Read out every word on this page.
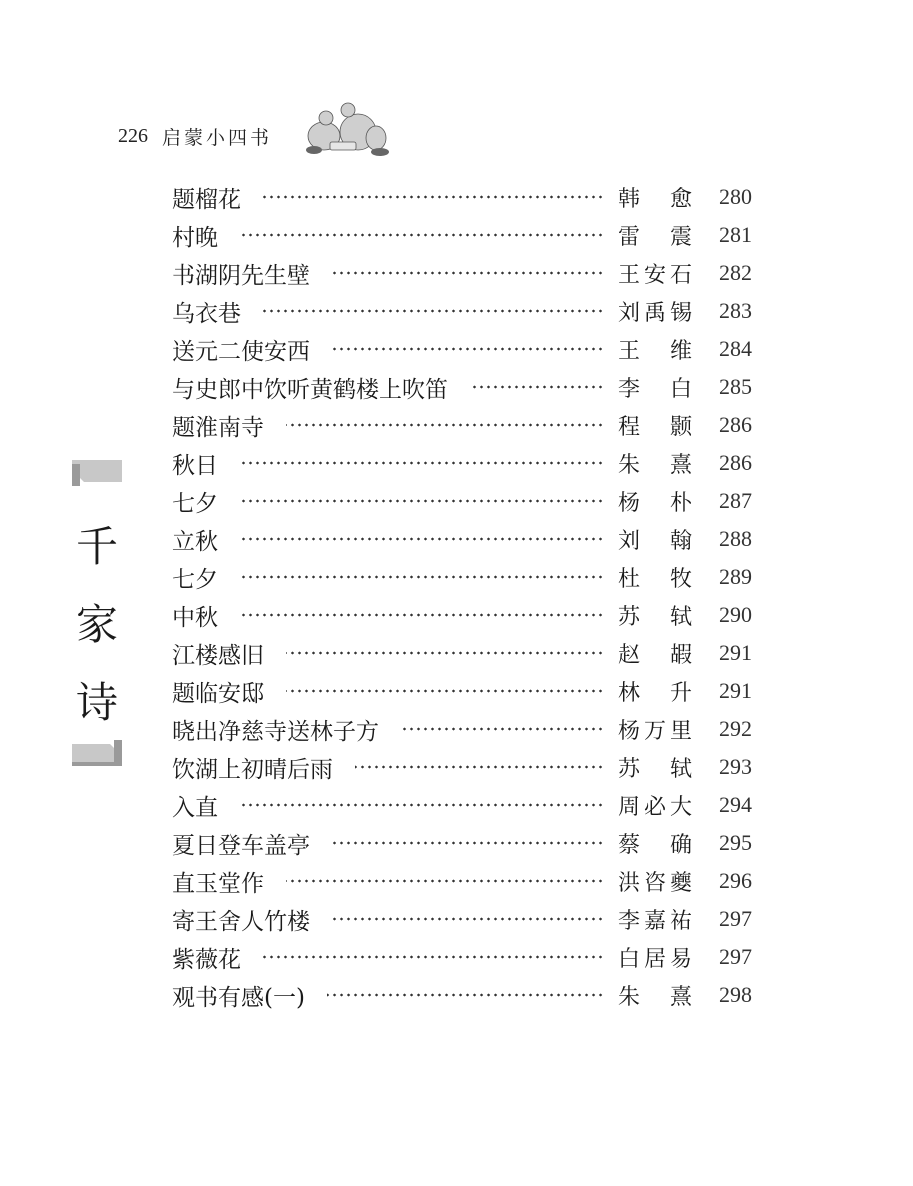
226 启蒙小四书
千
家
诗
题榴花	韩 愈	280
村晚	雷 震	281
书湖阴先生壁	王 安 石	282
乌衣巷	刘 禹 锡	283
送元二使安西	王 维	284
与史郎中饮听黄鹤楼上吹笛	李 白	285
题淮南寺	程 颢	286
秋日	朱 熹	286
七夕	杨 朴	287
立秋	刘 翰	288
七夕	杜 牧	289
中秋	苏 轼	290
江楼感旧	赵 嘏	291
题临安邸	林 升	291
晓出净慈寺送林子方	杨 万 里	292
饮湖上初晴后雨	苏 轼	293
入直	周 必 大	294
夏日登车盖亭	蔡 确	295
直玉堂作	洪 咨 夔	296
寄王舍人竹楼	李 嘉 祐	297
紫薇花	白 居 易	297
观书有感(一)	朱 熹	298
